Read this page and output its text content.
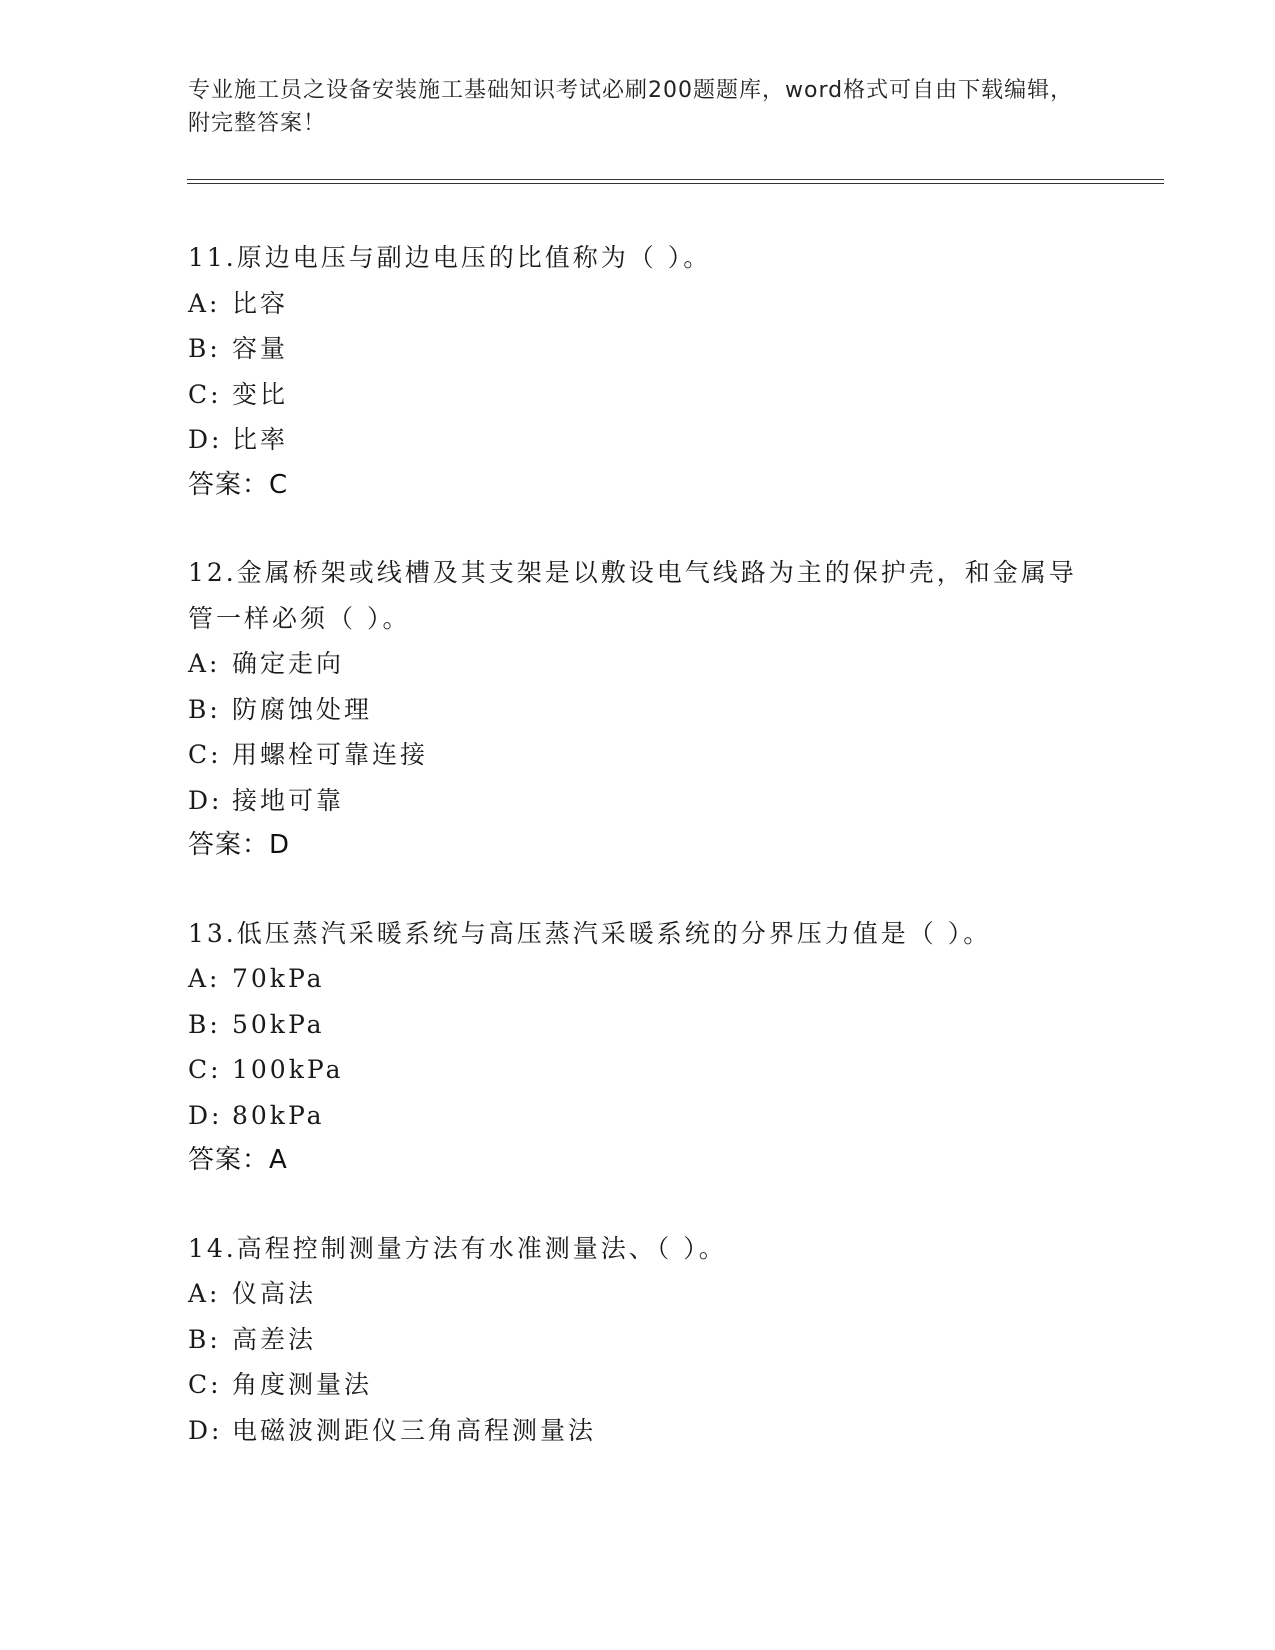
专业施工员之设备安装施工基础知识考试必刷200题题库，word格式可自由下载编辑，附完整答案！
11.原边电压与副边电压的比值称为（ ）。
A: 比容
B: 容量
C: 变比
D: 比率
答案：C
12.金属桥架或线槽及其支架是以敷设电气线路为主的保护壳，和金属导管一样必须（ ）。
A: 确定走向
B: 防腐蚀处理
C: 用螺栓可靠连接
D: 接地可靠
答案：D
13.低压蒸汽采暖系统与高压蒸汽采暖系统的分界压力值是（ ）。
A: 70kPa
B: 50kPa
C: 100kPa
D: 80kPa
答案：A
14.高程控制测量方法有水准测量法、（ ）。
A: 仪高法
B: 高差法
C: 角度测量法
D: 电磁波测距仪三角高程测量法
